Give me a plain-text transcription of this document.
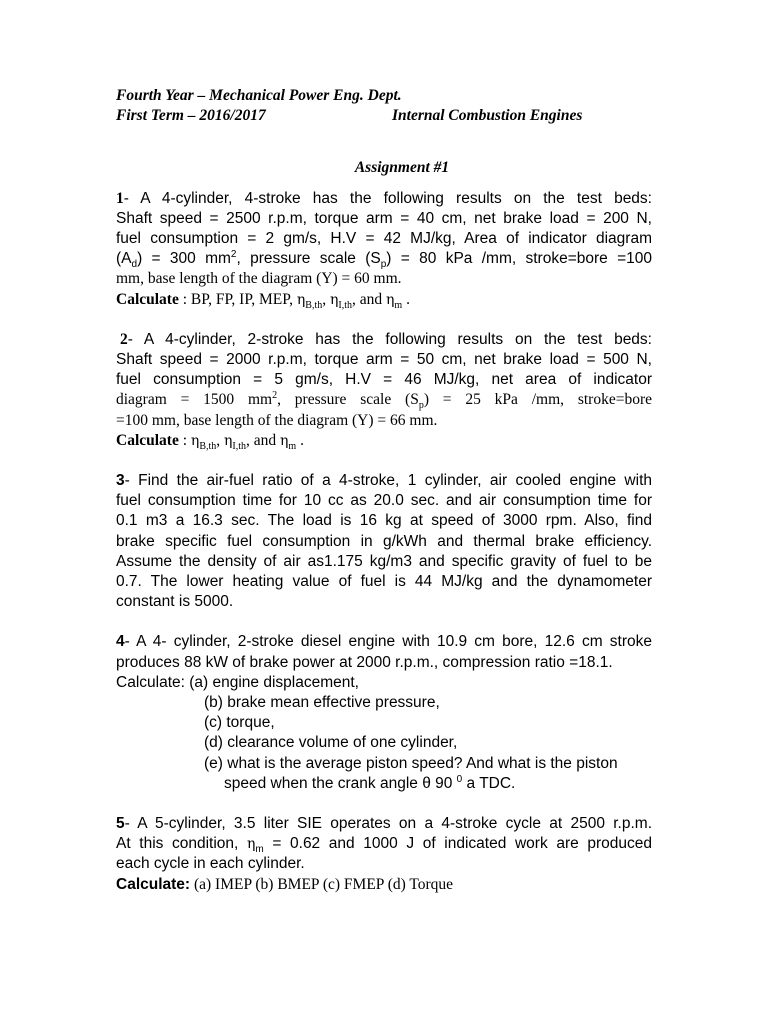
Fourth Year – Mechanical Power Eng. Dept.
First Term – 2016/2017	Internal Combustion Engines
Assignment #1
1- A 4-cylinder, 4-stroke has the following results on the test beds:
Shaft speed = 2500 r.p.m, torque arm = 40 cm, net brake load = 200 N,
fuel consumption = 2 gm/s, H.V = 42 MJ/kg, Area of indicator diagram
$(A_d) = 300$ $mm^2$, pressure scale $(S_p) = 80$ kPa /mm, stroke=bore =100
mm, base length of the diagram (Y) = 60 mm.
Calculate : BP, FP, IP, MEP, $\eta_{B,th}$, $\eta_{I,th}$, and $\eta_m$ .
2- A 4-cylinder, 2-stroke has the following results on the test beds:
Shaft speed = 2000 r.p.m, torque arm = 50 cm, net brake load = 500 N,
fuel consumption = 5 gm/s, H.V = 46 MJ/kg, net area of indicator
diagram = 1500 $mm^2$, pressure scale $(S_p) = 25$ kPa /mm, stroke=bore
=100 mm, base length of the diagram (Y) = 66 mm.
Calculate : $\eta_{B,th}$, $\eta_{I,th}$, and $\eta_m$ .
3- Find the air-fuel ratio of a 4-stroke, 1 cylinder, air cooled engine with
fuel consumption time for 10 cc as 20.0 sec. and air consumption time for
0.1 m3 a 16.3 sec. The load is 16 kg at speed of 3000 rpm. Also, find
brake specific fuel consumption in g/kWh and thermal brake efficiency.
Assume the density of air as1.175 kg/m3 and specific gravity of fuel to be
0.7. The lower heating value of fuel is 44 MJ/kg and the dynamometer
constant is 5000.
4- A 4- cylinder, 2-stroke diesel engine with 10.9 cm bore, 12.6 cm stroke
produces 88 kW of brake power at 2000 r.p.m., compression ratio =18.1.
Calculate: (a) engine displacement,
(b) brake mean effective pressure,
(c) torque,
(d) clearance volume of one cylinder,
(e) what is the average piston speed? And what is the piston
speed when the crank angle θ 90 $^0$ a TDC.
5- A 5-cylinder, 3.5 liter SIE operates on a 4-stroke cycle at 2500 r.p.m.
At this condition, $\eta_m = 0.62$ and 1000 J of indicated work are produced
each cycle in each cylinder.
Calculate: (a) IMEP (b) BMEP (c) FMEP (d) Torque
